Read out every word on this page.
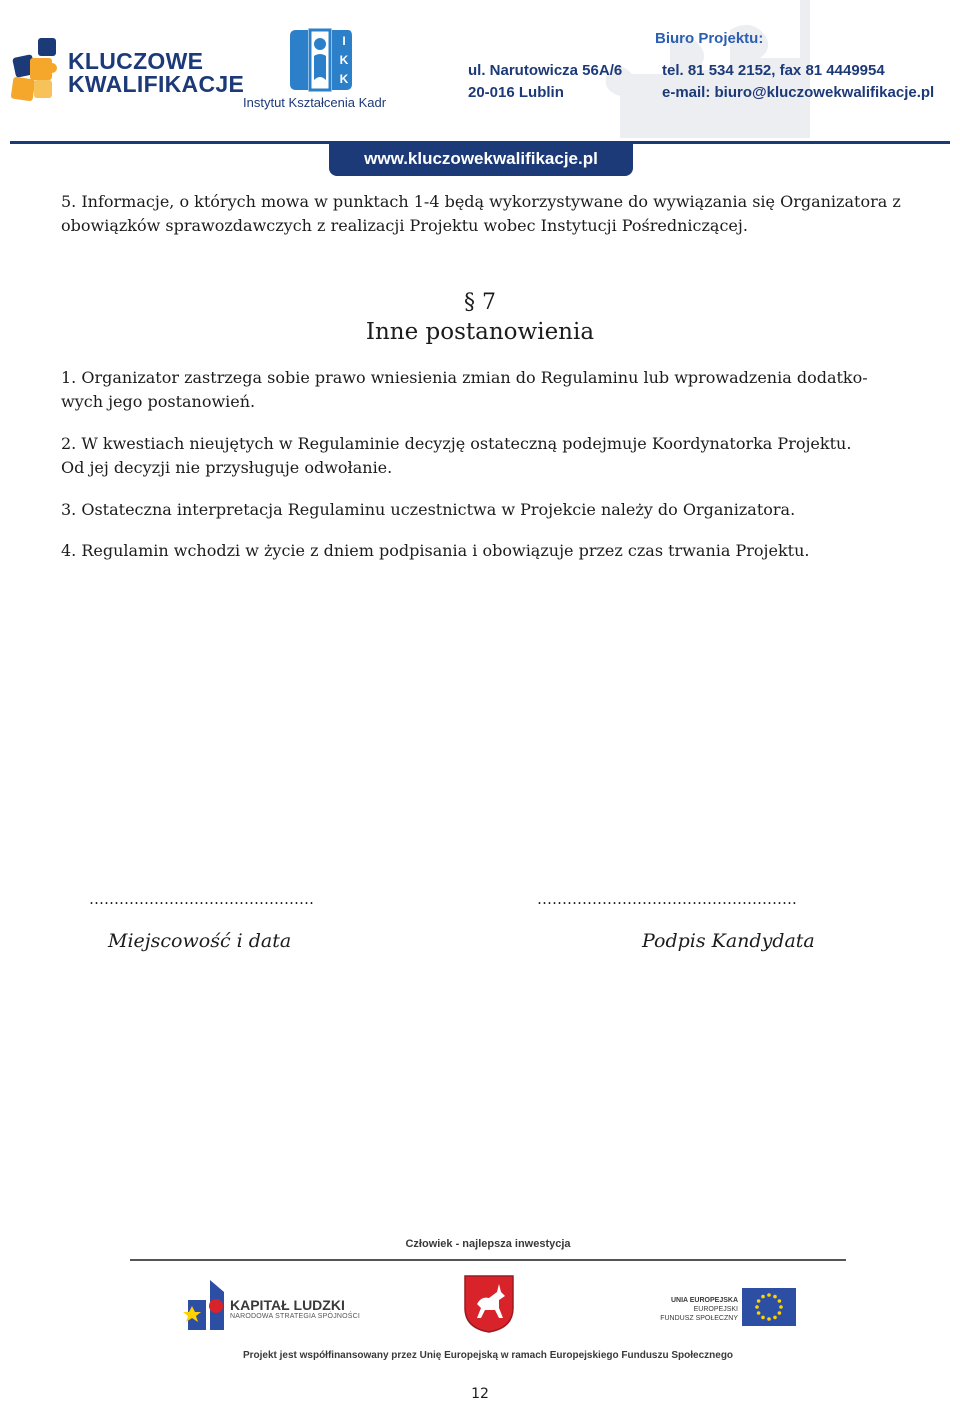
KLUCZOWE
KWALIFIKACJE
I
K
K
Instytut Kształcenia Kadr
Biuro Projektu:
ul. Narutowicza 56A/6
20-016 Lublin
tel. 81 534 2152, fax 81 4449954
e-mail: biuro@kluczowekwalifikacje.pl
www.kluczowekwalifikacje.pl
5. Informacje, o których mowa w punktach 1-4 będą wykorzystywane do wywiązania się Organizatora z obowiązków sprawozdawczych z realizacji Projektu wobec Instytucji Pośredniczącej.
§ 7
Inne postanowienia
1. Organizator zastrzega sobie prawo wniesienia zmian do Regulaminu lub wprowadzenia dodatko-
wych jego postanowień.
2. W kwestiach nieujętych w Regulaminie decyzję ostateczną podejmuje Koordynatorka Projektu.
Od jej decyzji nie przysługuje odwołanie.
3. Ostateczna interpretacja Regulaminu uczestnictwa w Projekcie należy do Organizatora.
4. Regulamin wchodzi w życie z dniem podpisania i obowiązuje przez czas trwania Projektu.
………………………………………	…………………………………………….
Miejscowość i data	Podpis Kandydata
Człowiek - najlepsza inwestycja
KAPITAŁ LUDZKI
NARODOWA STRATEGIA SPÓJNOŚCI
UNIA EUROPEJSKA
EUROPEJSKI
FUNDUSZ SPOŁECZNY
Projekt jest współfinansowany przez Unię Europejską w ramach Europejskiego Funduszu Społecznego
12
